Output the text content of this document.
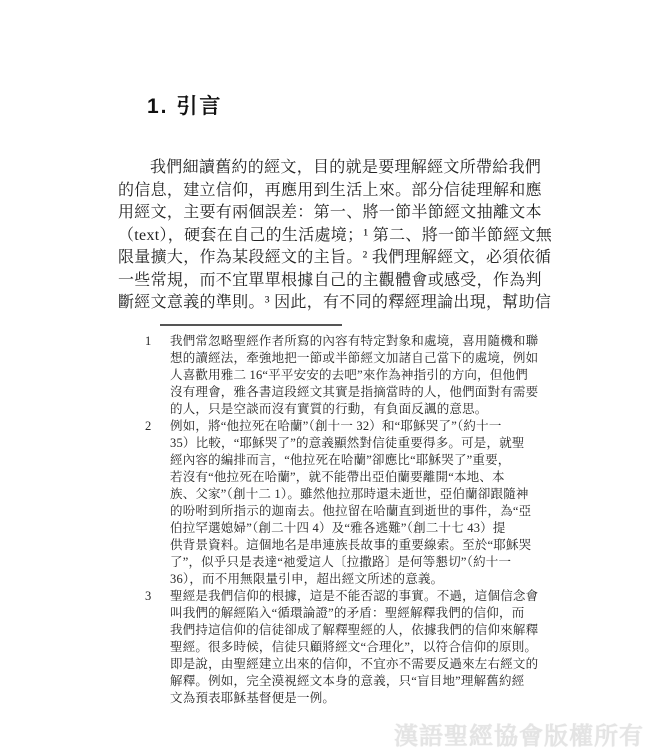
1. 引言
我們細讀舊約的經文，目的就是要理解經文所帶給我們
的信息，建立信仰，再應用到生活上來。部分信徒理解和應
用經文，主要有兩個誤差：第一、將一節半節經文抽離文本
（text），硬套在自己的生活處境；¹ 第二、將一節半節經文無
限量擴大，作為某段經文的主旨。² 我們理解經文，必須依循
一些常規，而不宜單單根據自己的主觀體會或感受，作為判
斷經文意義的準則。³ 因此，有不同的釋經理論出現，幫助信
1 我們常忽略聖經作者所寫的內容有特定對象和處境，喜用隨機和聯
想的讀經法，牽強地把一節或半節經文加諸自己當下的處境，例如
人喜歡用雅二 16“平平安安的去吧”來作為神指引的方向，但他們
沒有理會，雅各書這段經文其實是指摘當時的人，他們面對有需要
的人，只是空談而沒有實質的行動，有負面反諷的意思。
2 例如，將“他拉死在哈蘭”（創十一 32）和“耶穌哭了”（約十一
35）比較，“耶穌哭了”的意義顯然對信徒重要得多。可是，就聖
經內容的編排而言，“他拉死在哈蘭”卻應比“耶穌哭了”重要，
若沒有“他拉死在哈蘭”，就不能帶出亞伯蘭要離開“本地、本
族、父家”（創十二 1）。雖然他拉那時還未逝世，亞伯蘭卻跟隨神
的吩咐到所指示的迦南去。他拉留在哈蘭直到逝世的事件，為“亞
伯拉罕選媳婦”（創二十四 4）及“雅各逃難”（創二十七 43）提
供背景資料。這個地名是串連族長故事的重要線索。至於“耶穌哭
了”，似乎只是表達“祂愛這人〔拉撒路〕是何等懇切”（約十一
36），而不用無限量引申，超出經文所述的意義。
3 聖經是我們信仰的根據，這是不能否認的事實。不過，這個信念會
叫我們的解經陷入“循環論證”的矛盾：聖經解釋我們的信仰，而
我們持這信仰的信徒卻成了解釋聖經的人，依據我們的信仰來解釋
聖經。很多時候，信徒只顧將經文“合理化”，以符合信仰的原則。
即是說，由聖經建立出來的信仰，不宜亦不需要反過來左右經文的
解釋。例如，完全漠視經文本身的意義，只“盲目地”理解舊約經
文為預表耶穌基督便是一例。
漢語聖經協會版權所有
